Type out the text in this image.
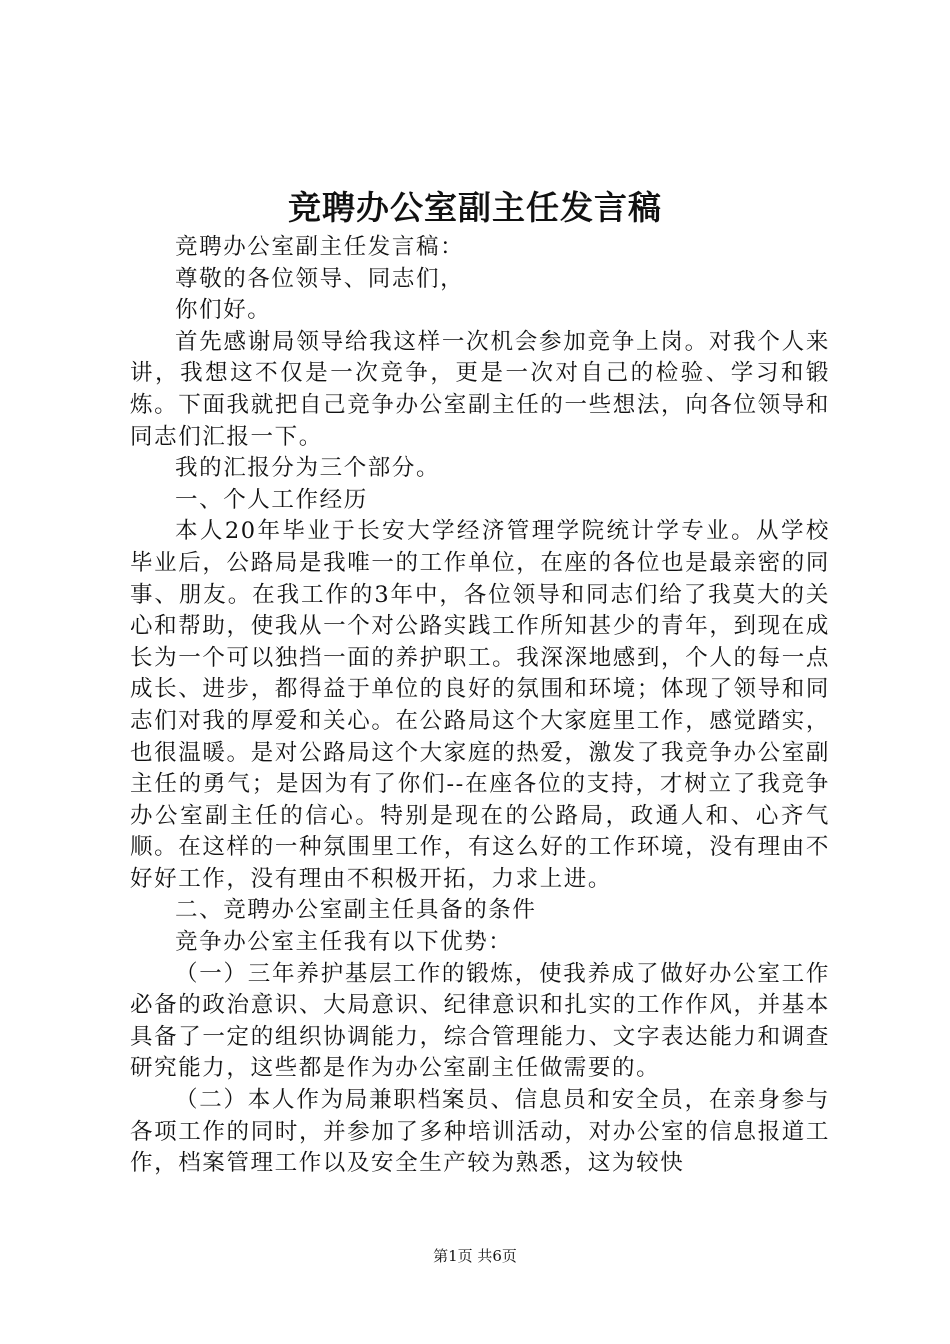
竞聘办公室副主任发言稿

竞聘办公室副主任发言稿：

尊敬的各位领导、同志们，

你们好。

首先感谢局领导给我这样一次机会参加竞争上岗。对我个人来讲，我想这不仅是一次竞争，更是一次对自己的检验、学习和锻炼。下面我就把自己竞争办公室副主任的一些想法，向各位领导和同志们汇报一下。

我的汇报分为三个部分。

一、个人工作经历

本人20年毕业于长安大学经济管理学院统计学专业。从学校毕业后，公路局是我唯一的工作单位，在座的各位也是最亲密的同事、朋友。在我工作的3年中，各位领导和同志们给了我莫大的关心和帮助，使我从一个对公路实践工作所知甚少的青年，到现在成长为一个可以独挡一面的养护职工。我深深地感到，个人的每一点成长、进步，都得益于单位的良好的氛围和环境；体现了领导和同志们对我的厚爱和关心。在公路局这个大家庭里工作，感觉踏实，也很温暖。是对公路局这个大家庭的热爱，激发了我竞争办公室副主任的勇气；是因为有了你们--在座各位的支持，才树立了我竞争办公室副主任的信心。特别是现在的公路局，政通人和、心齐气顺。在这样的一种氛围里工作，有这么好的工作环境，没有理由不好好工作，没有理由不积极开拓，力求上进。

二、竞聘办公室副主任具备的条件

竞争办公室主任我有以下优势：

（一）三年养护基层工作的锻炼，使我养成了做好办公室工作必备的政治意识、大局意识、纪律意识和扎实的工作作风，并基本具备了一定的组织协调能力，综合管理能力、文字表达能力和调查研究能力，这些都是作为办公室副主任做需要的。

（二）本人作为局兼职档案员、信息员和安全员，在亲身参与各项工作的同时，并参加了多种培训活动，对办公室的信息报道工作，档案管理工作以及安全生产较为熟悉，这为较快

第1页 共6页
